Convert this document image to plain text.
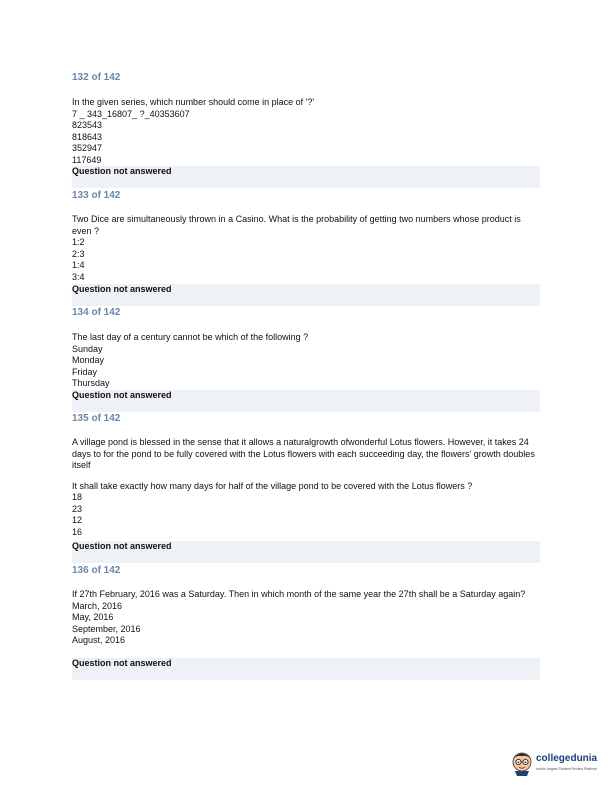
132 of 142

In the given series, which number should come in place of '?'

7 _ 343_16807_ ?_40353607

823543

818643

352947

117649

Question not answered
133 of 142

Two Dice are simultaneously thrown in a Casino. What is the probability of getting two numbers whose product is even ?

1:2

2:3

1:4

3:4

Question not answered
134 of 142

The last day of a century cannot be which of the following ?

Sunday

Monday

Friday

Thursday

Question not answered
135 of 142

A village pond is blessed in the sense that it allows a naturalgrowth ofwonderful Lotus flowers. However, it takes 24 days to for the pond to be fully covered with the Lotus flowers with each succeeding day, the flowers' growth doubles itself

It shall take exactly how many days for half of the village pond to be covered with the Lotus flowers ?

18

23

12

16

Question not answered
136 of 142

If 27th February, 2016 was a Saturday. Then in which month of the same year the 27th shall be a Saturday again?

March, 2016

May, 2016

September, 2016

August, 2016

Question not answered
collegedunia
India's largest Student Review Platform
